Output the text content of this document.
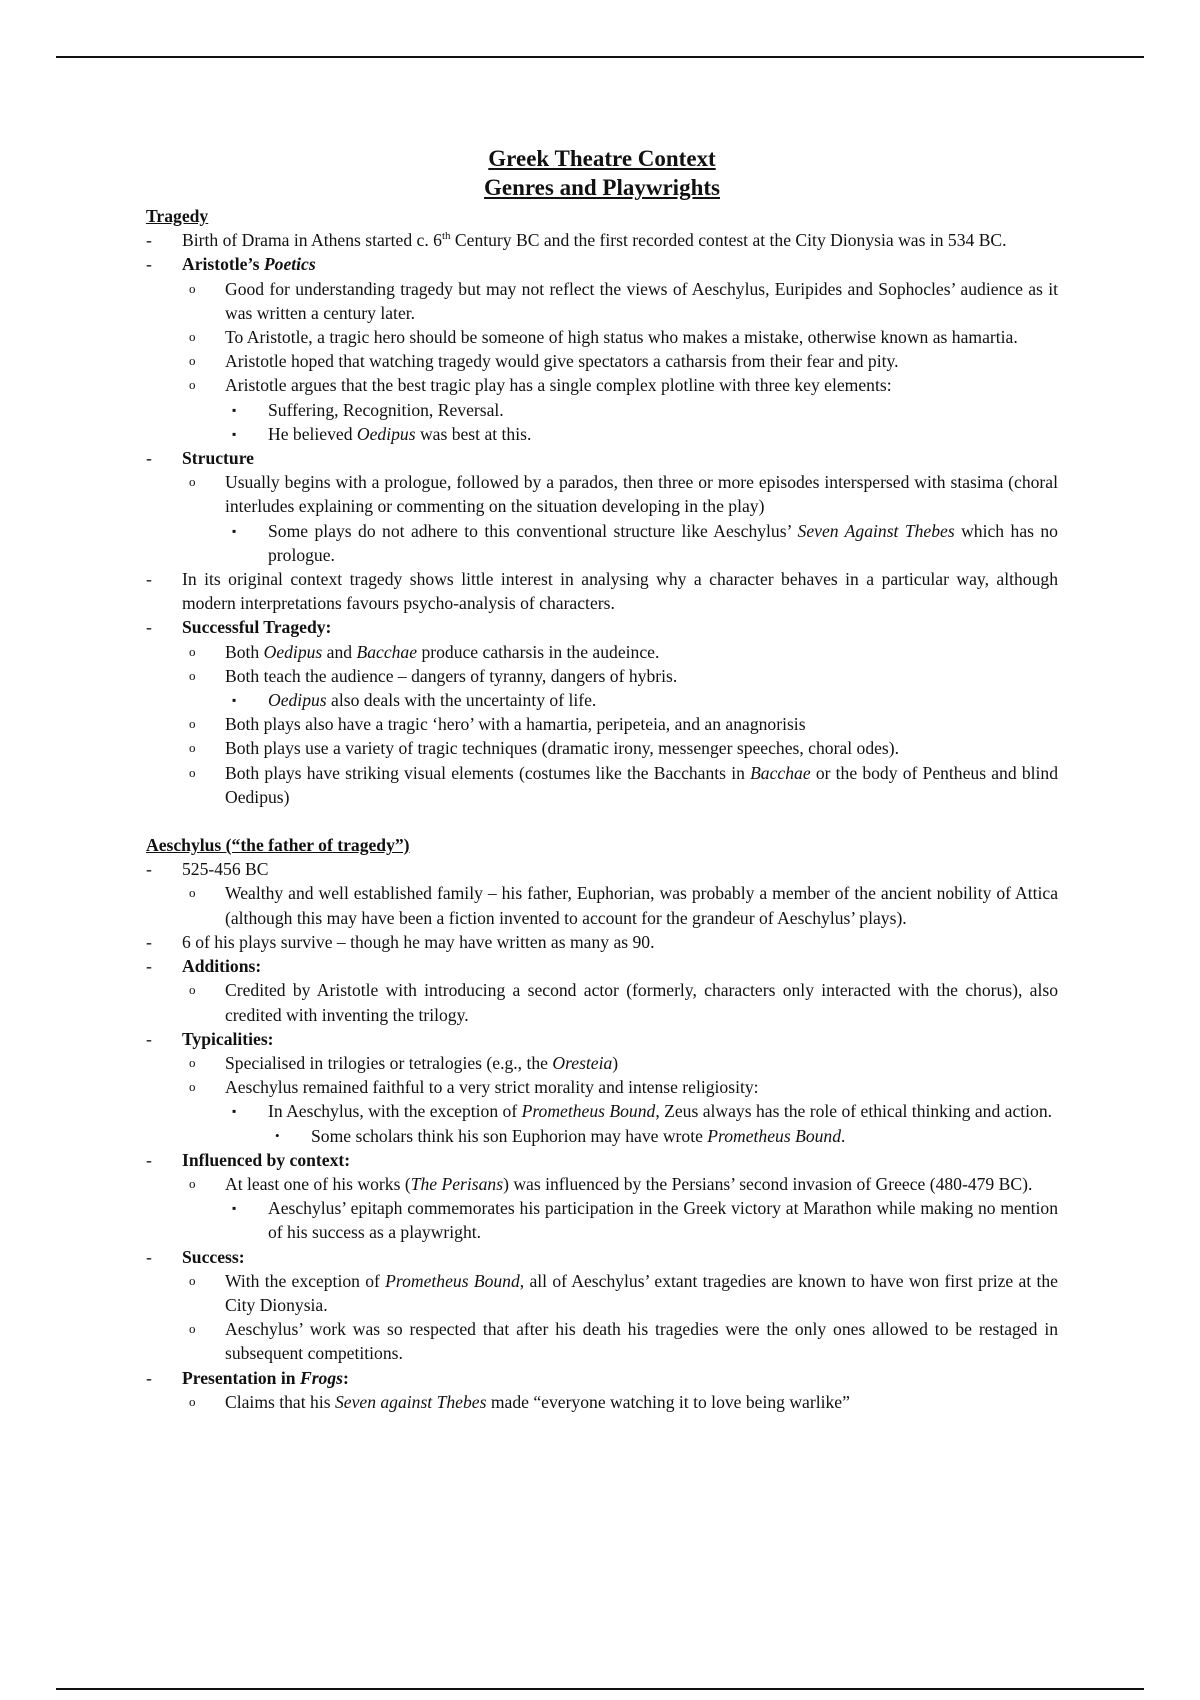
Greek Theatre Context
Genres and Playwrights
Tragedy
- Birth of Drama in Athens started c. 6th Century BC and the first recorded contest at the City Dionysia was in 534 BC.
- Aristotle’s Poetics
o Good for understanding tragedy but may not reflect the views of Aeschylus, Euripides and Sophocles’ audience as it was written a century later.
o To Aristotle, a tragic hero should be someone of high status who makes a mistake, otherwise known as hamartia.
o Aristotle hoped that watching tragedy would give spectators a catharsis from their fear and pity.
o Aristotle argues that the best tragic play has a single complex plotline with three key elements:
▪ Suffering, Recognition, Reversal.
▪ He believed Oedipus was best at this.
- Structure
o Usually begins with a prologue, followed by a parados, then three or more episodes interspersed with stasima (choral interludes explaining or commenting on the situation developing in the play)
▪ Some plays do not adhere to this conventional structure like Aeschylus’ Seven Against Thebes which has no prologue.
- In its original context tragedy shows little interest in analysing why a character behaves in a particular way, although modern interpretations favours psycho-analysis of characters.
- Successful Tragedy:
o Both Oedipus and Bacchae produce catharsis in the audeince.
o Both teach the audience – dangers of tyranny, dangers of hybris.
▪ Oedipus also deals with the uncertainty of life.
o Both plays also have a tragic ‘hero’ with a hamartia, peripeteia, and an anagnorisis
o Both plays use a variety of tragic techniques (dramatic irony, messenger speeches, choral odes).
o Both plays have striking visual elements (costumes like the Bacchants in Bacchae or the body of Pentheus and blind Oedipus)
Aeschylus (“the father of tragedy”)
- 525-456 BC
o Wealthy and well established family – his father, Euphorian, was probably a member of the ancient nobility of Attica (although this may have been a fiction invented to account for the grandeur of Aeschylus’ plays).
- 6 of his plays survive – though he may have written as many as 90.
- Additions:
o Credited by Aristotle with introducing a second actor (formerly, characters only interacted with the chorus), also credited with inventing the trilogy.
- Typicalities:
o Specialised in trilogies or tetralogies (e.g., the Oresteia)
o Aeschylus remained faithful to a very strict morality and intense religiosity:
▪ In Aeschylus, with the exception of Prometheus Bound, Zeus always has the role of ethical thinking and action.
• Some scholars think his son Euphorion may have wrote Prometheus Bound.
- Influenced by context:
o At least one of his works (The Perisans) was influenced by the Persians’ second invasion of Greece (480-479 BC).
▪ Aeschylus’ epitaph commemorates his participation in the Greek victory at Marathon while making no mention of his success as a playwright.
- Success:
o With the exception of Prometheus Bound, all of Aeschylus’ extant tragedies are known to have won first prize at the City Dionysia.
o Aeschylus’ work was so respected that after his death his tragedies were the only ones allowed to be restaged in subsequent competitions.
- Presentation in Frogs:
o Claims that his Seven against Thebes made “everyone watching it to love being warlike”
